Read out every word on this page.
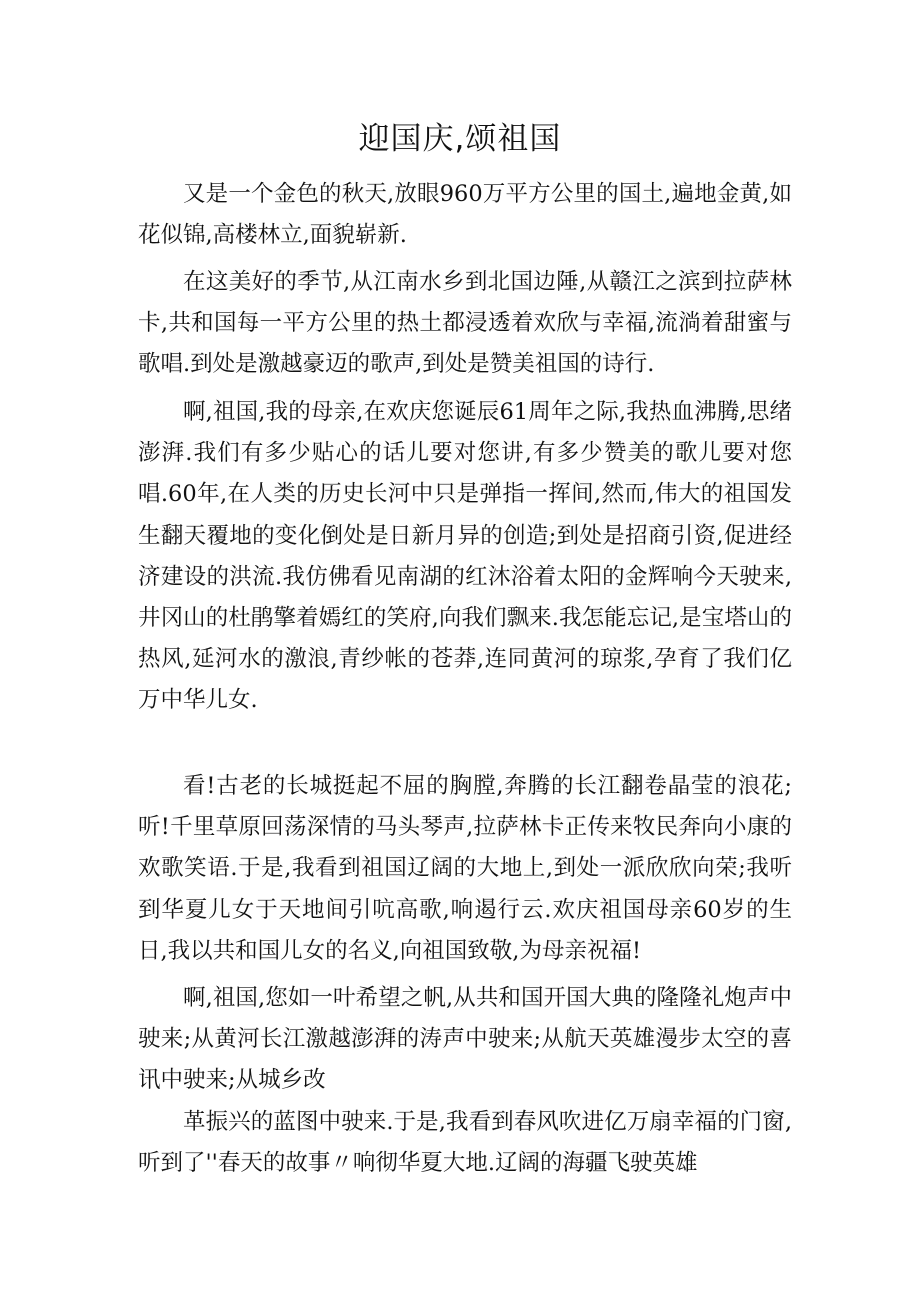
迎国庆,颂祖国

又是一个金色的秋天,放眼960万平方公里的国土,遍地金黄,如花似锦,高楼林立,面貌崭新.

在这美好的季节,从江南水乡到北国边陲,从赣江之滨到拉萨林卡,共和国每一平方公里的热土都浸透着欢欣与幸福,流淌着甜蜜与歌唱.到处是激越豪迈的歌声,到处是赞美祖国的诗行.

啊,祖国,我的母亲,在欢庆您诞辰61周年之际,我热血沸腾,思绪澎湃.我们有多少贴心的话儿要对您讲,有多少赞美的歌儿要对您唱.60年,在人类的历史长河中只是弹指一挥间,然而,伟大的祖国发生翻天覆地的变化倒处是日新月异的创造;到处是招商引资,促进经济建设的洪流.我仿佛看见南湖的红沐浴着太阳的金辉响今天驶来,井冈山的杜鹃擎着嫣红的笑府,向我们飘来.我怎能忘记,是宝塔山的热风,延河水的激浪,青纱帐的苍莽,连同黄河的琼浆,孕育了我们亿万中华儿女.

看!古老的长城挺起不屈的胸膛,奔腾的长江翻卷晶莹的浪花;听!千里草原回荡深情的马头琴声,拉萨林卡正传来牧民奔向小康的欢歌笑语.于是,我看到祖国辽阔的大地上,到处一派欣欣向荣;我听到华夏儿女于天地间引吭高歌,响遏行云.欢庆祖国母亲60岁的生日,我以共和国儿女的名义,向祖国致敬,为母亲祝福!

啊,祖国,您如一叶希望之帆,从共和国开国大典的隆隆礼炮声中驶来;从黄河长江激越澎湃的涛声中驶来;从航天英雄漫步太空的喜讯中驶来;从城乡改

革振兴的蓝图中驶来.于是,我看到春风吹进亿万扇幸福的门窗,听到了''春天的故事〃响彻华夏大地.辽阔的海疆飞驶英雄
